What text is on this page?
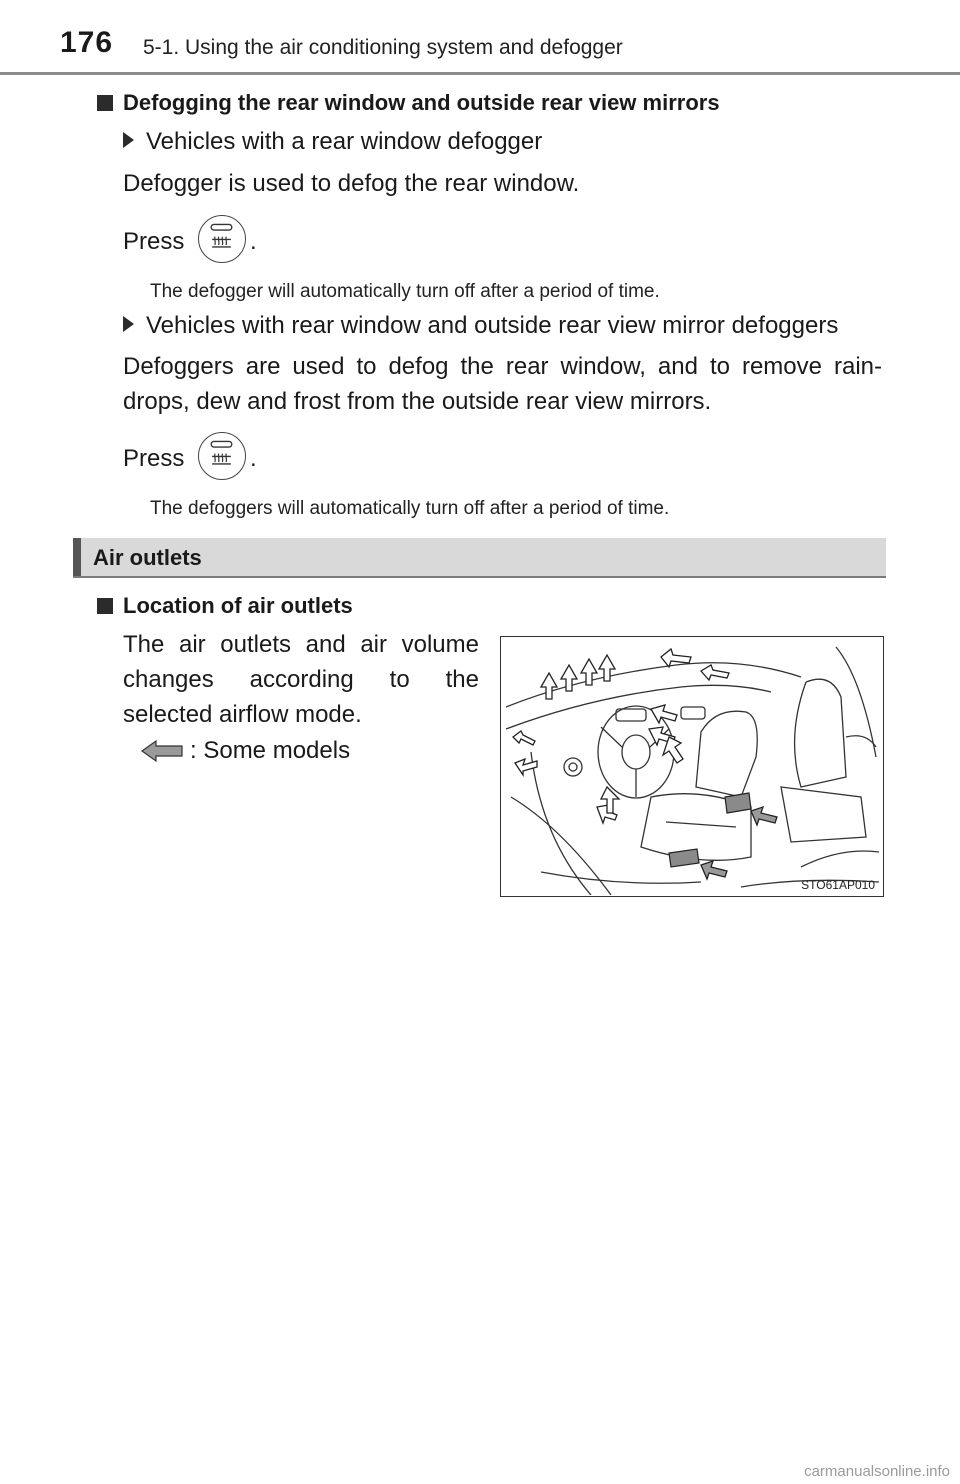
176 5-1. Using the air conditioning system and defogger
Defogging the rear window and outside rear view mirrors
Vehicles with a rear window defogger
Defogger is used to defog the rear window.
Press	.
The defogger will automatically turn off after a period of time.
Vehicles with rear window and outside rear view mirror defoggers
Defoggers are used to defog the rear window, and to remove rain-
drops, dew and frost from the outside rear view mirrors.
Press	.
The defoggers will automatically turn off after a period of time.
Air outlets
Location of air outlets
The air outlets and air volume
changes according to the
selected airflow mode.
: Some models
STO61AP010
carmanualsonline.info
